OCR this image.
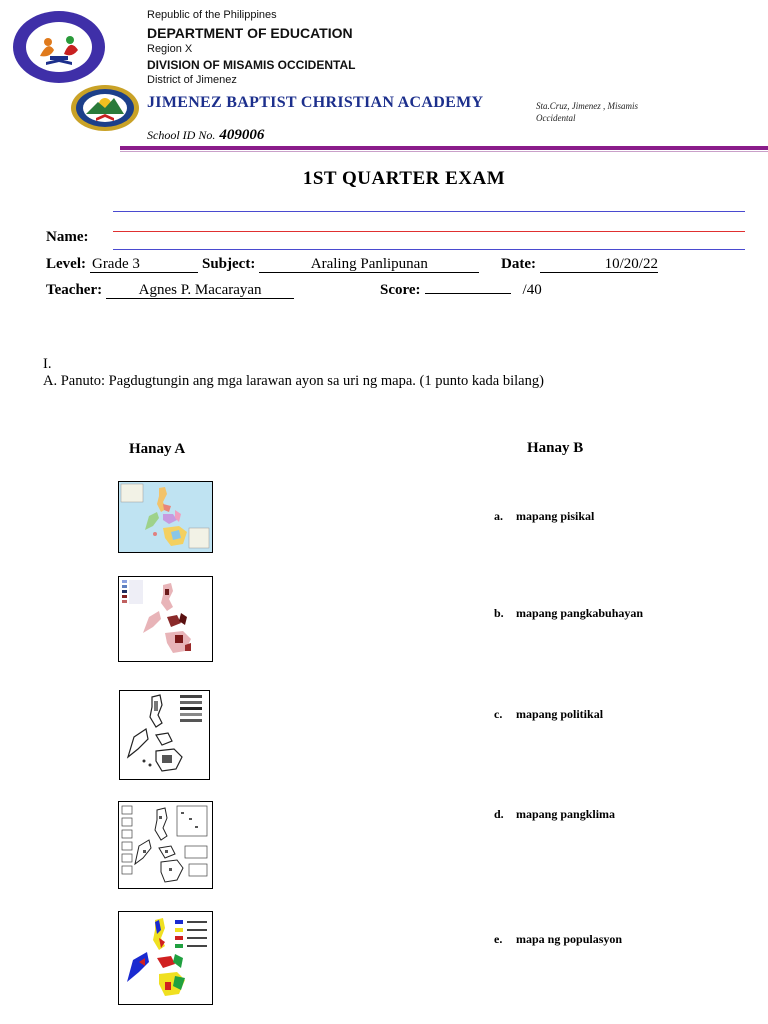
Republic of the Philippines
DEPARTMENT OF EDUCATION
Region X
DIVISION OF MISAMIS OCCIDENTAL
District of Jimenez
JIMENEZ BAPTIST CHRISTIAN ACADEMY	Sta.Cruz, Jimenez , Misamis Occidental
School ID No. 409006
1ST QUARTER EXAM
Name:
Level: Grade 3	Subject:	Araling Panlipunan	Date:	10/20/22
Teacher: Agnes P. Macarayan	Score:	/40
I.
A. Panuto: Pagdugtungin ang mga larawan ayon sa uri ng mapa. (1 punto kada bilang)
Hanay A	Hanay B
a. mapang pisikal
b. mapang pangkabuhayan
c. mapang politikal
d. mapang pangklima
e. mapa ng populasyon
